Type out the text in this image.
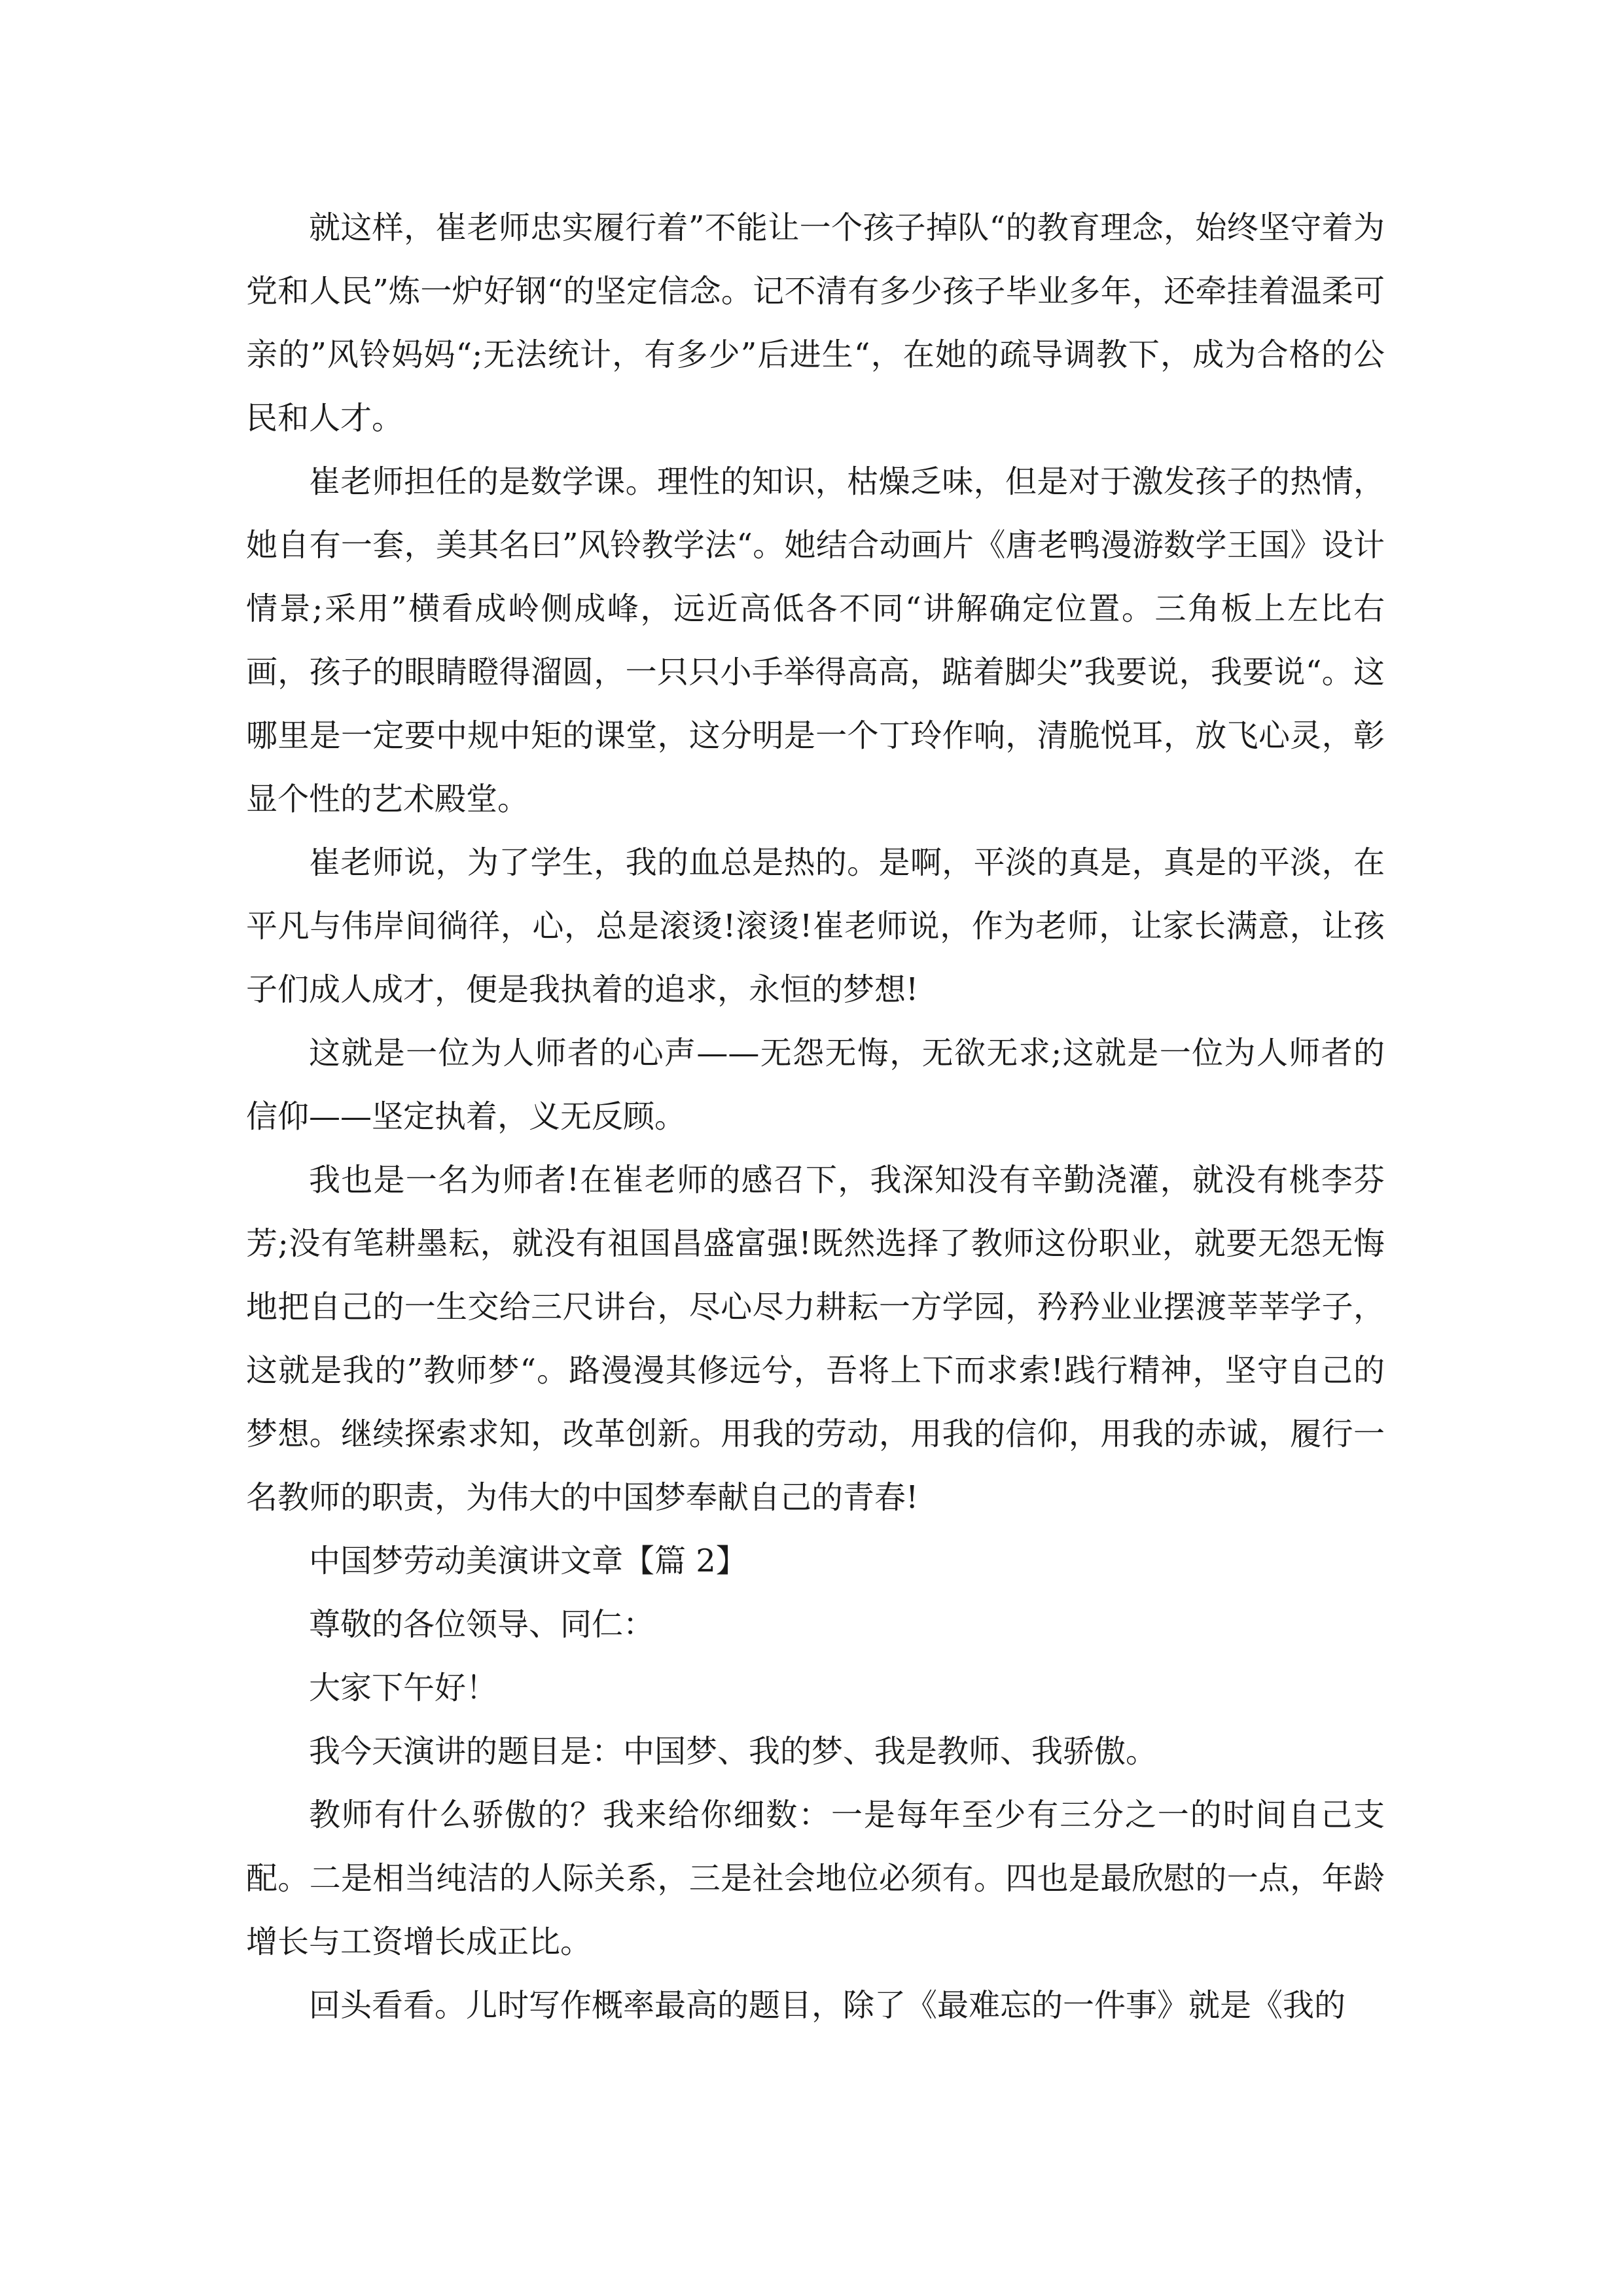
就这样，崔老师忠实履行着”不能让一个孩子掉队“的教育理念，始终坚守着为党和人民”炼一炉好钢“的坚定信念。记不清有多少孩子毕业多年，还牵挂着温柔可亲的”风铃妈妈“;无法统计，有多少”后进生“，在她的疏导调教下，成为合格的公民和人才。

崔老师担任的是数学课。理性的知识，枯燥乏味，但是对于激发孩子的热情，她自有一套，美其名曰”风铃教学法“。她结合动画片《唐老鸭漫游数学王国》设计情景;采用”横看成岭侧成峰，远近高低各不同“讲解确定位置。三角板上左比右画，孩子的眼睛瞪得溜圆，一只只小手举得高高，踮着脚尖”我要说，我要说“。这哪里是一定要中规中矩的课堂，这分明是一个丁玲作响，清脆悦耳，放飞心灵，彰显个性的艺术殿堂。

崔老师说，为了学生，我的血总是热的。是啊，平淡的真是，真是的平淡，在平凡与伟岸间徜徉，心，总是滚烫!滚烫!崔老师说，作为老师，让家长满意，让孩子们成人成才，便是我执着的追求，永恒的梦想!

这就是一位为人师者的心声——无怨无悔，无欲无求;这就是一位为人师者的信仰——坚定执着，义无反顾。

我也是一名为师者!在崔老师的感召下，我深知没有辛勤浇灌，就没有桃李芬芳;没有笔耕墨耘，就没有祖国昌盛富强!既然选择了教师这份职业，就要无怨无悔地把自己的一生交给三尺讲台，尽心尽力耕耘一方学园，矜矜业业摆渡莘莘学子，这就是我的”教师梦“。路漫漫其修远兮，吾将上下而求索!践行精神，坚守自己的梦想。继续探索求知，改革创新。用我的劳动，用我的信仰，用我的赤诚，履行一名教师的职责，为伟大的中国梦奉献自己的青春!

中国梦劳动美演讲文章【篇 2】

尊敬的各位领导、同仁：

大家下午好！

我今天演讲的题目是：中国梦、我的梦、我是教师、我骄傲。

教师有什么骄傲的？我来给你细数：一是每年至少有三分之一的时间自己支配。二是相当纯洁的人际关系，三是社会地位必须有。四也是最欣慰的一点，年龄增长与工资增长成正比。

回头看看。儿时写作概率最高的题目，除了《最难忘的一件事》就是《我的
